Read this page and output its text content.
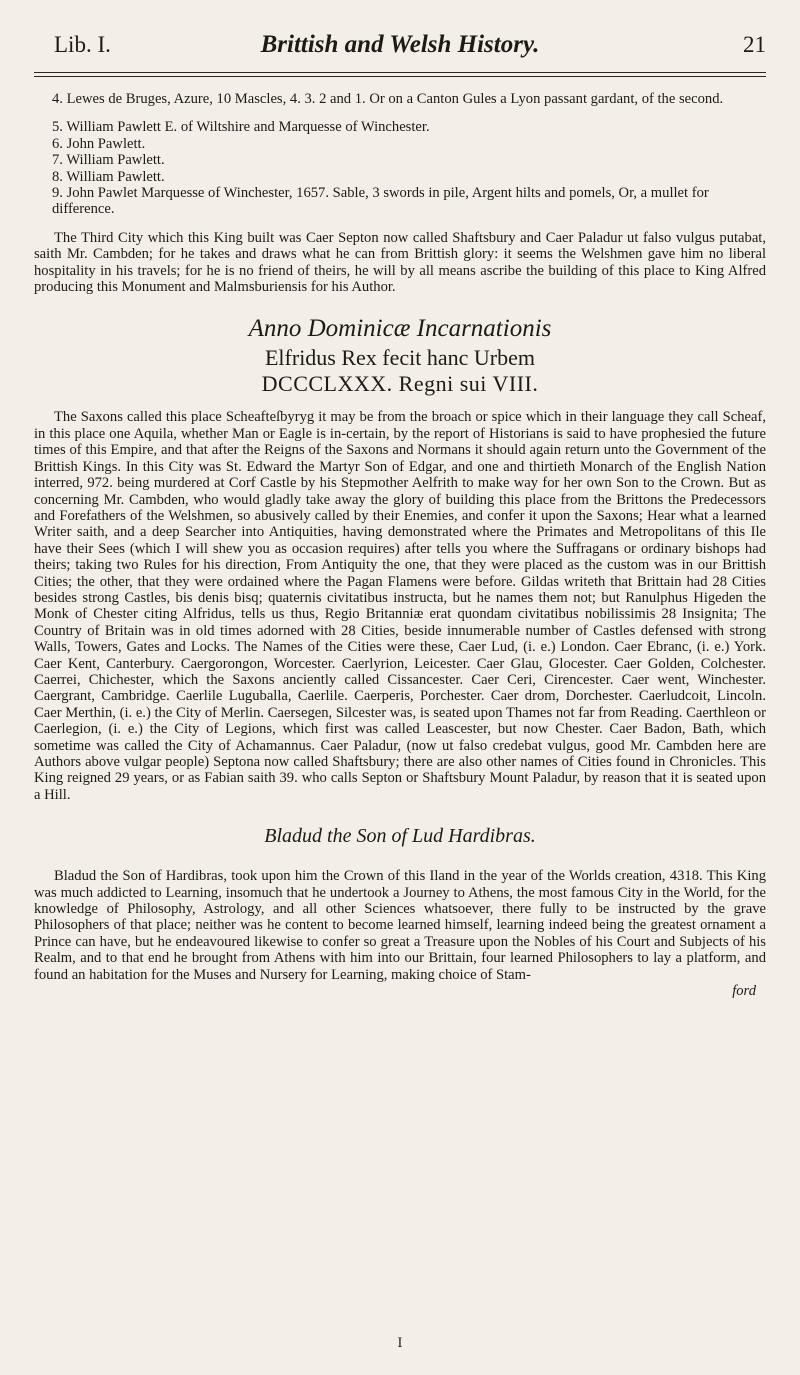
Lib. I.	Brittish and Welsh History.	21

4. Lewes de Bruges, Azure, 10 Mascles, 4. 3. 2 and 1. Or on a Canton Gules a Lyon passant gardant, of the second.

5. William Pawlett E. of Wiltshire and Marquesse of Winchester.

6. John Pawlett.

7. William Pawlett.

8. William Pawlett.

9. John Pawlet Marquesse of Winchester, 1657. Sable, 3 swords in pile, Argent hilts and pomels, Or, a mullet for difference.

The Third City which this King built was Caer Septon now called Shaftsbury and Caer Paladur ut falso vulgus putabat, saith Mr. Cambden; for he takes and draws what he can from Brittish glory: it seems the Welshmen gave him no liberal hospitality in his travels; for he is no friend of theirs, he will by all means ascribe the building of this place to King Alfred producing this Monument and Malmsburiensis for his Author.

Anno Dominicæ Incarnationis
Elfridus Rex fecit hanc Urbem
DCCCLXXX. Regni sui VIII.

The Saxons called this place Scheafteſbyryg it may be from the broach or spice which in their language they call Scheaf, in this place one Aquila, whether Man or Eagle is in-certain, by the report of Historians is said to have prophesied the future times of this Empire, and that after the Reigns of the Saxons and Normans it should again return unto the Government of the Brittish Kings. In this City was St. Edward the Martyr Son of Edgar, and one and thirtieth Monarch of the English Nation interred, 972. being murdered at Corf Castle by his Stepmother Aelfrith to make way for her own Son to the Crown. But as concerning Mr. Cambden, who would gladly take away the glory of building this place from the Brittons the Predecessors and Forefathers of the Welshmen, so abusively called by their Enemies, and confer it upon the Saxons; Hear what a learned Writer saith, and a deep Searcher into Antiquities, having demonstrated where the Primates and Metropolitans of this Ile have their Sees (which I will shew you as occasion requires) after tells you where the Suffragans or ordinary bishops had theirs; taking two Rules for his direction, From Antiquity the one, that they were placed as the custom was in our Brittish Cities; the other, that they were ordained where the Pagan Flamens were before. Gildas writeth that Brittain had 28 Cities besides strong Castles, bis denis bisq; quaternis civitatibus instructa, but he names them not; but Ranulphus Higeden the Monk of Chester citing Alfridus, tells us thus, Regio Britanniæ erat quondam civitatibus nobilissimis 28 Insignita; The Country of Britain was in old times adorned with 28 Cities, beside innumerable number of Castles defensed with strong Walls, Towers, Gates and Locks. The Names of the Cities were these, Caer Lud, (i. e.) London. Caer Ebranc, (i. e.) York. Caer Kent, Canterbury. Caergorongon, Worcester. Caerlyrion, Leicester. Caer Glau, Glocester. Caer Golden, Colchester. Caerrei, Chichester, which the Saxons anciently called Cissancester. Caer Ceri, Cirencester. Caer went, Winchester. Caergrant, Cambridge. Caerlile Luguballa, Caerlile. Caerperis, Porchester. Caer drom, Dorchester. Caerludcoit, Lincoln. Caer Merthin, (i. e.) the City of Merlin. Caersegen, Silcester was, is seated upon Thames not far from Reading. Caerthleon or Caerlegion, (i. e.) the City of Legions, which first was called Leascester, but now Chester. Caer Badon, Bath, which sometime was called the City of Achamannus. Caer Paladur, (now ut falso credebat vulgus, good Mr. Cambden here are Authors above vulgar people) Septona now called Shaftsbury; there are also other names of Cities found in Chronicles. This King reigned 29 years, or as Fabian saith 39. who calls Septon or Shaftsbury Mount Paladur, by reason that it is seated upon a Hill.

Bladud the Son of Lud Hardibras.

Bladud the Son of Hardibras, took upon him the Crown of this Iland in the year of the Worlds creation, 4318. This King was much addicted to Learning, insomuch that he undertook a Journey to Athens, the most famous City in the World, for the knowledge of Philosophy, Astrology, and all other Sciences whatsoever, there fully to be instructed by the grave Philosophers of that place; neither was he content to become learned himself, learning indeed being the greatest ornament a Prince can have, but he endeavoured likewise to confer so great a Treasure upon the Nobles of his Court and Subjects of his Realm, and to that end he brought from Athens with him into our Brittain, four learned Philosophers to lay a platform, and found an habitation for the Muses and Nursery for Learning, making choice of Stam-

ford

I
